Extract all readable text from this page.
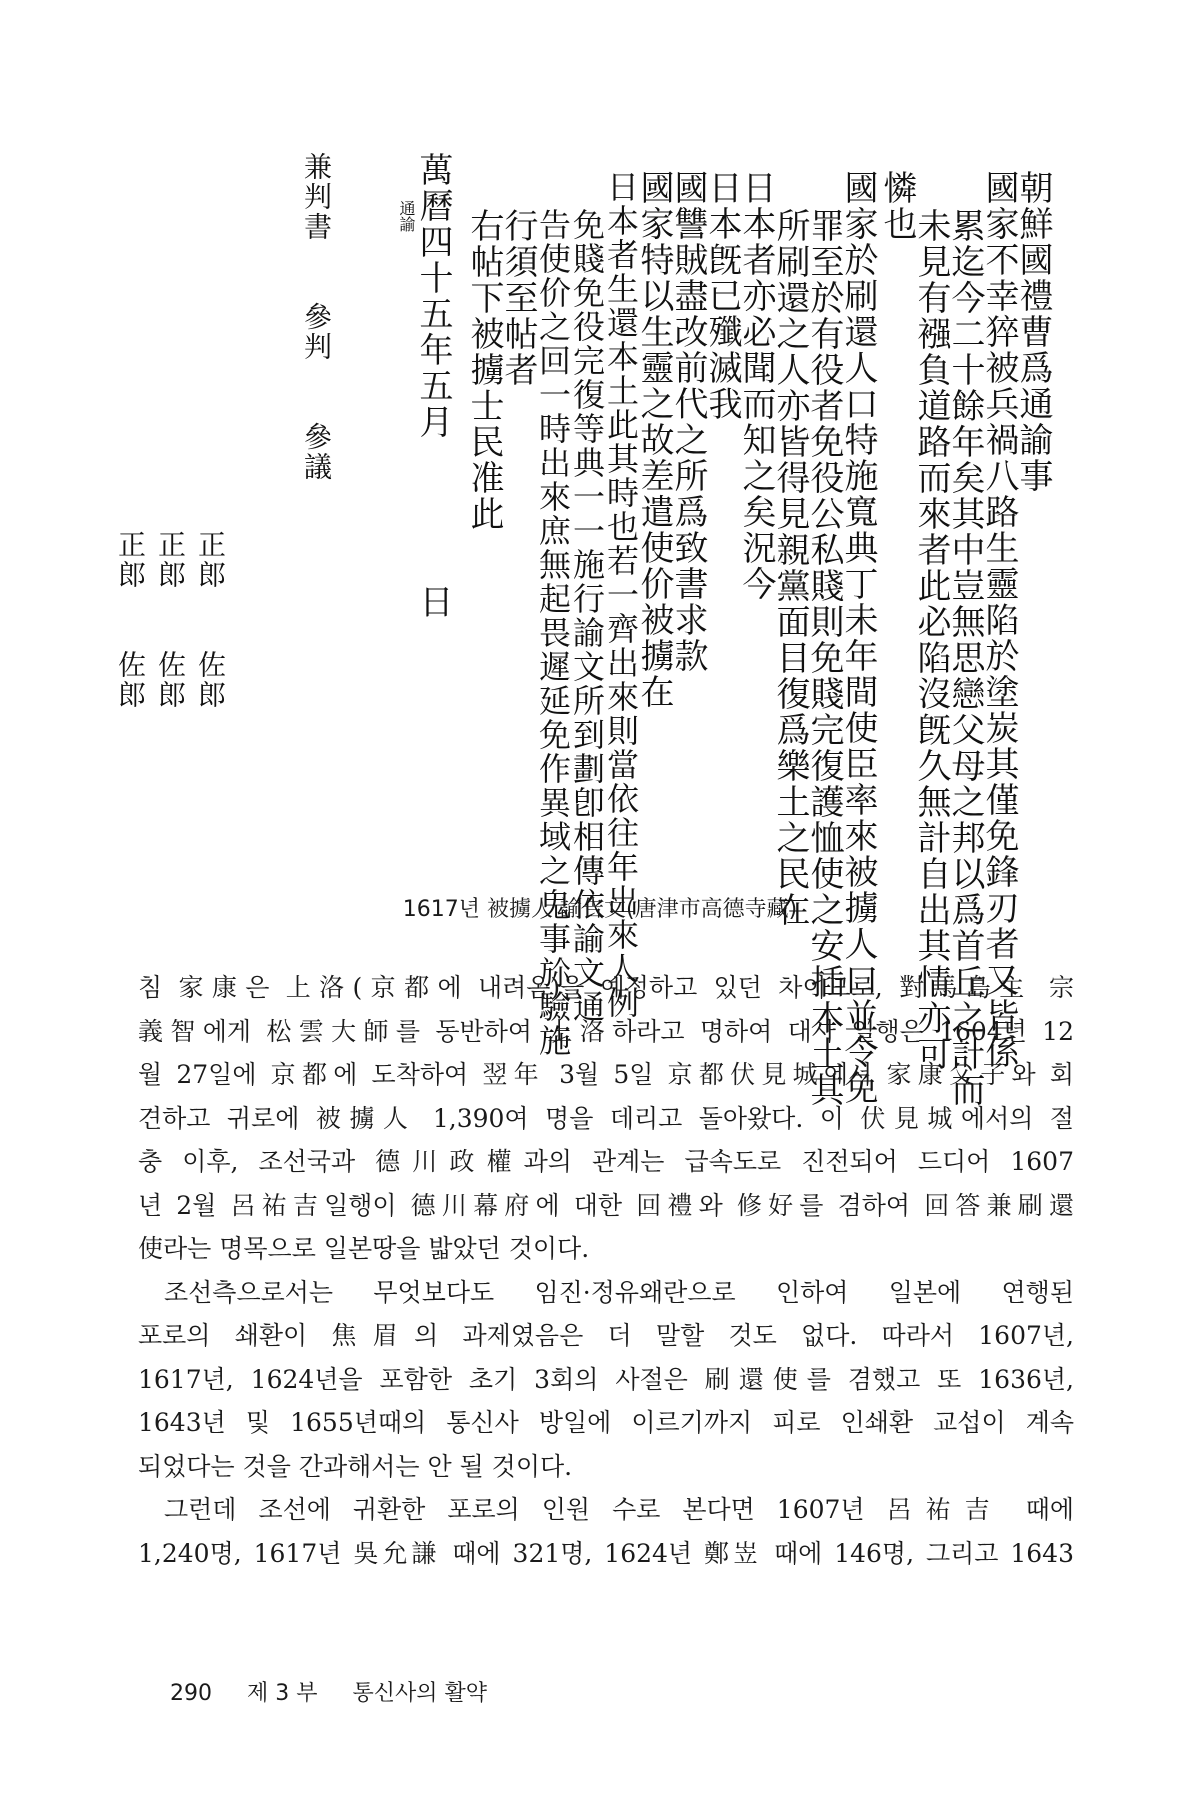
朝鮮國禮曹爲通諭事
國家不幸猝被兵禍八路生靈陷於塗炭其僅免鋒刃者又皆係
累迄今二十餘年矣其中豈無思戀父母之邦以爲首丘之計而
未見有襁負道路而來者此必陷沒旣久無計自出其情亦可
憐也
國家於刷還人口特施寬典丁未年間使臣率來被擄人口並令免
罪至於有役者免役公私賤則免賤完復護恤使之安插本土其
所刷還之人亦皆得見親黨面目復爲樂土之民在
日本者亦必聞而知之矣況今
日本旣已殲滅我
國讐賊盡改前代之所爲致書求款
國家特以生靈之故差遣使价被擄在
日本者生還本土此其時也若一齊出來則當依往年出來人例
免賤免役完復等典一一施行諭文所到劃卽相傳依諭文通
告使价之回一時出來庶無起畏遲延免作異域之鬼事㫆驗施
行須至帖者
右帖下被擄士民准此
萬曆四十五年五月　　　　日
通諭
兼判書　　參判　　參議
正郎　　佐郎
正郎　　佐郎
正郎　　佐郎
1617년 被擄人 諭告文(唐津市高德寺藏)

침 家康은 上洛(京都에 내려옴)을 예정하고 있던 차이므로, 對馬島主 宗
義智에게 松雲大師를 동반하여 上洛하라고 명하여 대사 일행은 1604년 12
월 27일에 京都에 도착하여 翌年 3월 5일 京都伏見城에서 家康父子와 회
견하고 귀로에 被擄人 1,390여 명을 데리고 돌아왔다. 이 伏見城에서의 절
충 이후, 조선국과 德川政權과의 관계는 급속도로 진전되어 드디어 1607
년 2월 呂祐吉일행이 德川幕府에 대한 回禮와 修好를 겸하여 回答兼刷還
使라는 명목으로 일본땅을 밟았던 것이다.

조선측으로서는 무엇보다도 임진·정유왜란으로 인하여 일본에 연행된
포로의 쇄환이 焦眉의 과제였음은 더 말할 것도 없다. 따라서 1607년,
1617년, 1624년을 포함한 초기 3회의 사절은 刷還使를 겸했고 또 1636년,
1643년 및 1655년때의 통신사 방일에 이르기까지 피로 인쇄환 교섭이 계속
되었다는 것을 간과해서는 안 될 것이다.

그런데 조선에 귀환한 포로의 인원 수로 본다면 1607년 呂祐吉 때에
1,240명, 1617년 吳允謙 때에 321명, 1624년 鄭岦 때에 146명, 그리고 1643

290 제 3 부 통신사의 활약
